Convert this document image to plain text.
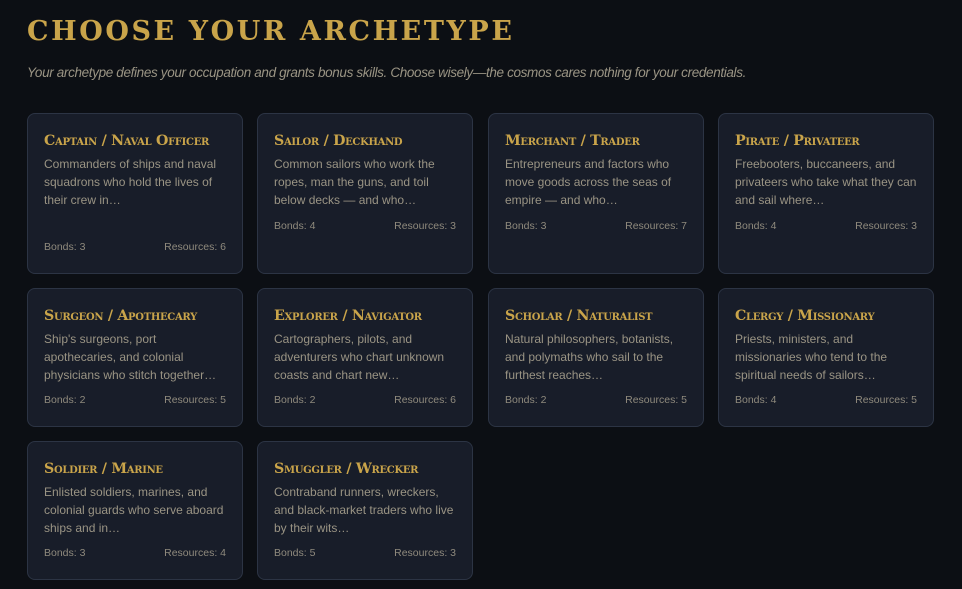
CHOOSE YOUR ARCHETYPE

Your archetype defines your occupation and grants bonus skills. Choose wisely—the cosmos cares nothing for your credentials.

Captain / Naval Officer

Commanders of ships and naval squadrons who hold the lives of their crew in…

Bonds: 3	Resources: 6
Sailor / Deckhand

Common sailors who work the ropes, man the guns, and toil below decks — and who…

Bonds: 4	Resources: 3
Merchant / Trader

Entrepreneurs and factors who move goods across the seas of empire — and who…

Bonds: 3	Resources: 7
Pirate / Privateer

Freebooters, buccaneers, and privateers who take what they can and sail where…

Bonds: 4	Resources: 3
Surgeon / Apothecary

Ship's surgeons, port apothecaries, and colonial physicians who stitch together…

Bonds: 2	Resources: 5
Explorer / Navigator

Cartographers, pilots, and adventurers who chart unknown coasts and chart new…

Bonds: 2	Resources: 6
Scholar / Naturalist

Natural philosophers, botanists, and polymaths who sail to the furthest reaches…

Bonds: 2	Resources: 5
Clergy / Missionary

Priests, ministers, and missionaries who tend to the spiritual needs of sailors…

Bonds: 4	Resources: 5
Soldier / Marine

Enlisted soldiers, marines, and colonial guards who serve aboard ships and in…

Bonds: 3	Resources: 4
Smuggler / Wrecker

Contraband runners, wreckers, and black-market traders who live by their wits…

Bonds: 5	Resources: 3
